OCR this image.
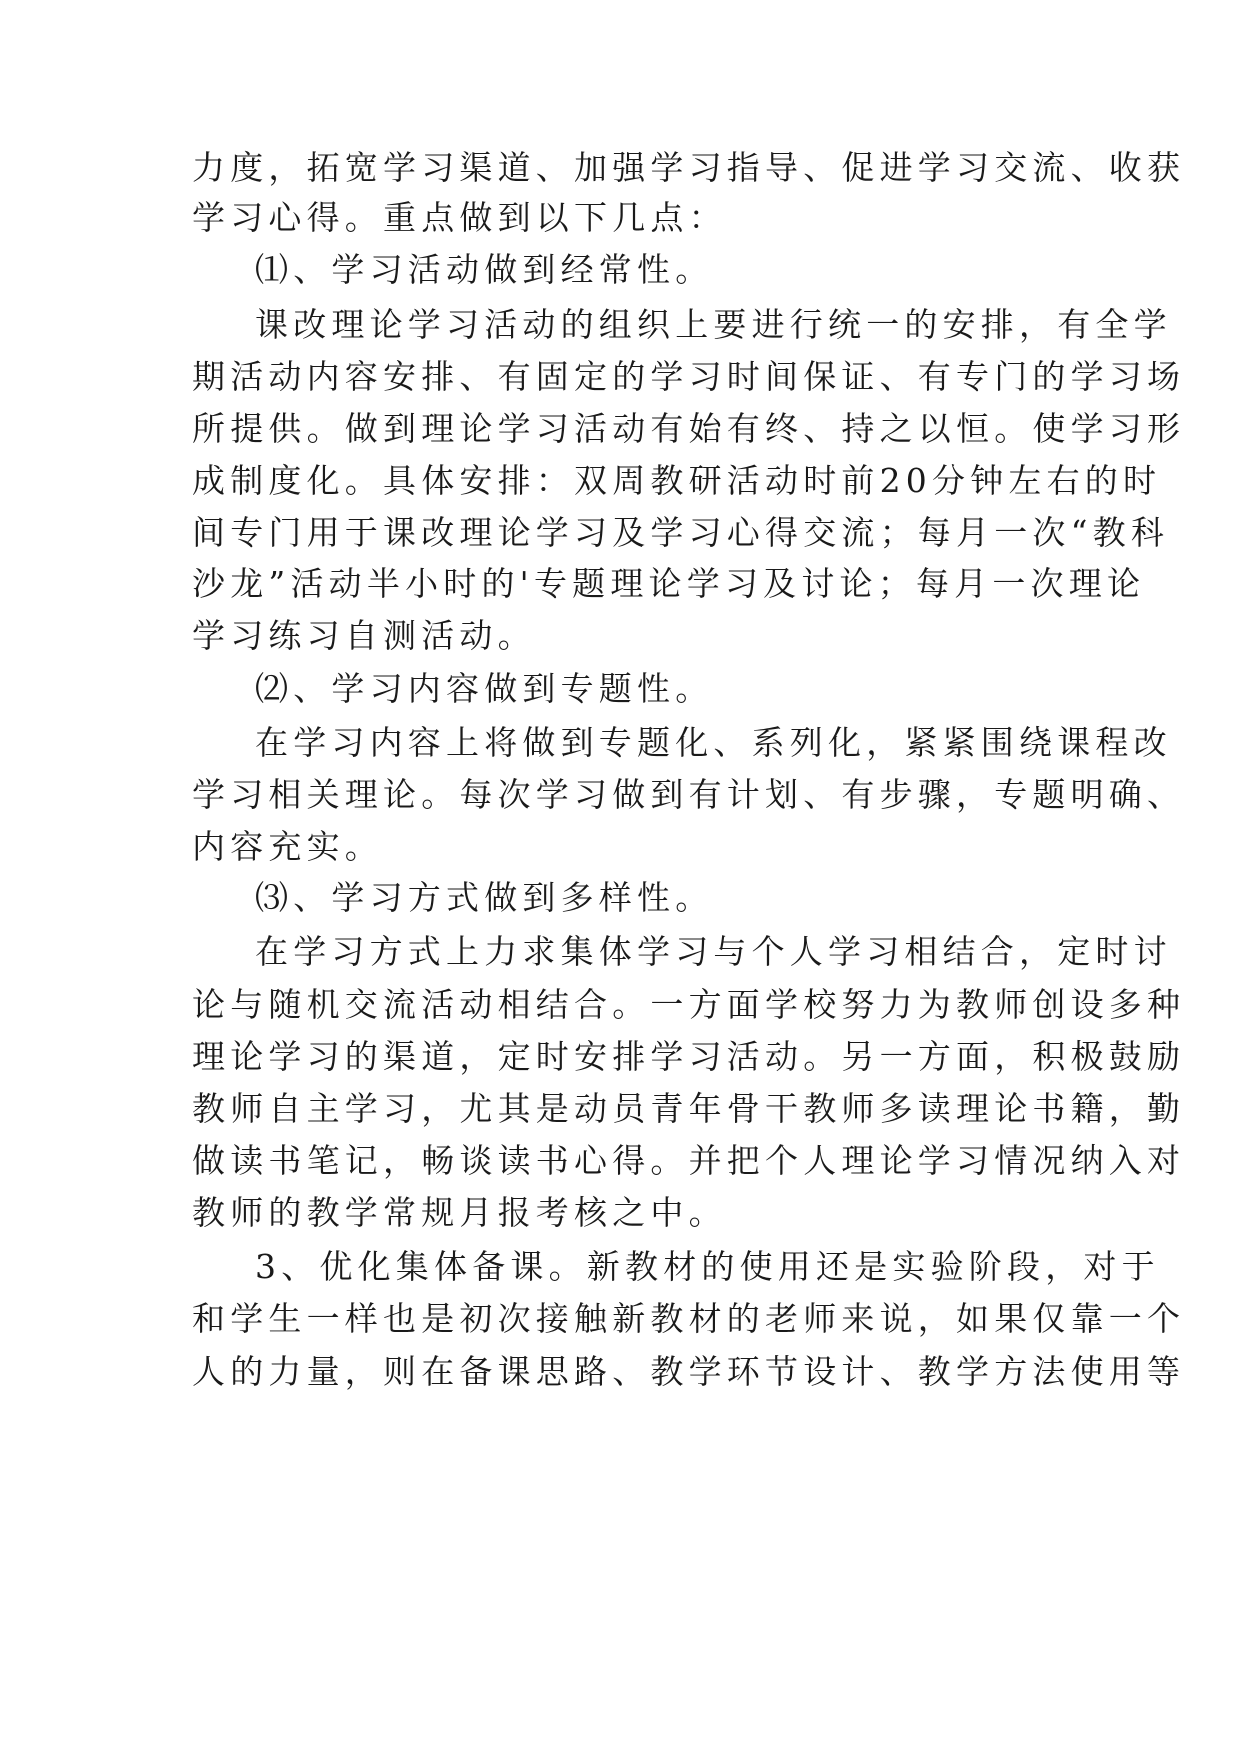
力度，拓宽学习渠道、加强学习指导、促进学习交流、收获
学习心得。重点做到以下几点：
⑴、学习活动做到经常性。
课改理论学习活动的组织上要进行统一的安排，有全学
期活动内容安排、有固定的学习时间保证、有专门的学习场
所提供。做到理论学习活动有始有终、持之以恒。使学习形
成制度化。具体安排：双周教研活动时前20分钟左右的时
间专门用于课改理论学习及学习心得交流；每月一次“教科
沙龙”活动半小时的'专题理论学习及讨论；每月一次理论
学习练习自测活动。
⑵、学习内容做到专题性。
在学习内容上将做到专题化、系列化，紧紧围绕课程改
学习相关理论。每次学习做到有计划、有步骤，专题明确、
内容充实。
⑶、学习方式做到多样性。
在学习方式上力求集体学习与个人学习相结合，定时讨
论与随机交流活动相结合。一方面学校努力为教师创设多种
理论学习的渠道，定时安排学习活动。另一方面，积极鼓励
教师自主学习，尤其是动员青年骨干教师多读理论书籍，勤
做读书笔记，畅谈读书心得。并把个人理论学习情况纳入对
教师的教学常规月报考核之中。
3、优化集体备课。新教材的使用还是实验阶段，对于
和学生一样也是初次接触新教材的老师来说，如果仅靠一个
人的力量，则在备课思路、教学环节设计、教学方法使用等
